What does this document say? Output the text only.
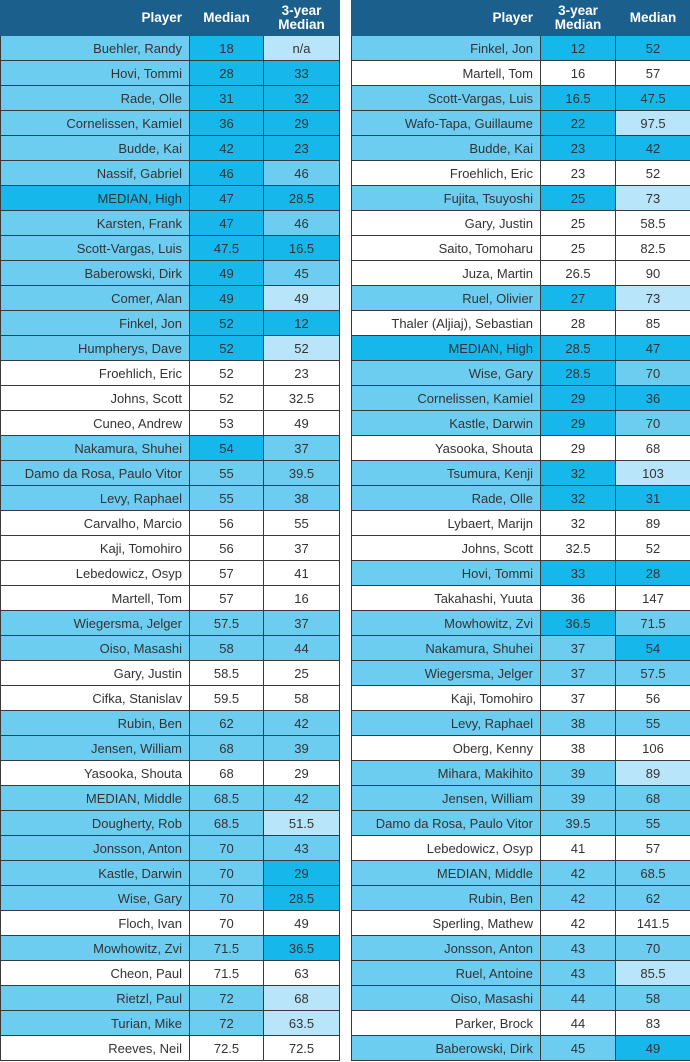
Player	Median	3-year Median
Buehler, Randy	18	n/a
Hovi, Tommi	28	33
Rade, Olle	31	32
Cornelissen, Kamiel	36	29
Budde, Kai	42	23
Nassif, Gabriel	46	46
MEDIAN, High	47	28.5
Karsten, Frank	47	46
Scott-Vargas, Luis	47.5	16.5
Baberowski, Dirk	49	45
Comer, Alan	49	49
Finkel, Jon	52	12
Humpherys, Dave	52	52
Froehlich, Eric	52	23
Johns, Scott	52	32.5
Cuneo, Andrew	53	49
Nakamura, Shuhei	54	37
Damo da Rosa, Paulo Vitor	55	39.5
Levy, Raphael	55	38
Carvalho, Marcio	56	55
Kaji, Tomohiro	56	37
Lebedowicz, Osyp	57	41
Martell, Tom	57	16
Wiegersma, Jelger	57.5	37
Oiso, Masashi	58	44
Gary, Justin	58.5	25
Cifka, Stanislav	59.5	58
Rubin, Ben	62	42
Jensen, William	68	39
Yasooka, Shouta	68	29
MEDIAN, Middle	68.5	42
Dougherty, Rob	68.5	51.5
Jonsson, Anton	70	43
Kastle, Darwin	70	29
Wise, Gary	70	28.5
Floch, Ivan	70	49
Mowhowitz, Zvi	71.5	36.5
Cheon, Paul	71.5	63
Rietzl, Paul	72	68
Turian, Mike	72	63.5
Reeves, Neil	72.5	72.5
Player	3-year Median	Median
Finkel, Jon	12	52
Martell, Tom	16	57
Scott-Vargas, Luis	16.5	47.5
Wafo-Tapa, Guillaume	22	97.5
Budde, Kai	23	42
Froehlich, Eric	23	52
Fujita, Tsuyoshi	25	73
Gary, Justin	25	58.5
Saito, Tomoharu	25	82.5
Juza, Martin	26.5	90
Ruel, Olivier	27	73
Thaler (Aljiaj), Sebastian	28	85
MEDIAN, High	28.5	47
Wise, Gary	28.5	70
Cornelissen, Kamiel	29	36
Kastle, Darwin	29	70
Yasooka, Shouta	29	68
Tsumura, Kenji	32	103
Rade, Olle	32	31
Lybaert, Marijn	32	89
Johns, Scott	32.5	52
Hovi, Tommi	33	28
Takahashi, Yuuta	36	147
Mowhowitz, Zvi	36.5	71.5
Nakamura, Shuhei	37	54
Wiegersma, Jelger	37	57.5
Kaji, Tomohiro	37	56
Levy, Raphael	38	55
Oberg, Kenny	38	106
Mihara, Makihito	39	89
Jensen, William	39	68
Damo da Rosa, Paulo Vitor	39.5	55
Lebedowicz, Osyp	41	57
MEDIAN, Middle	42	68.5
Rubin, Ben	42	62
Sperling, Mathew	42	141.5
Jonsson, Anton	43	70
Ruel, Antoine	43	85.5
Oiso, Masashi	44	58
Parker, Brock	44	83
Baberowski, Dirk	45	49
